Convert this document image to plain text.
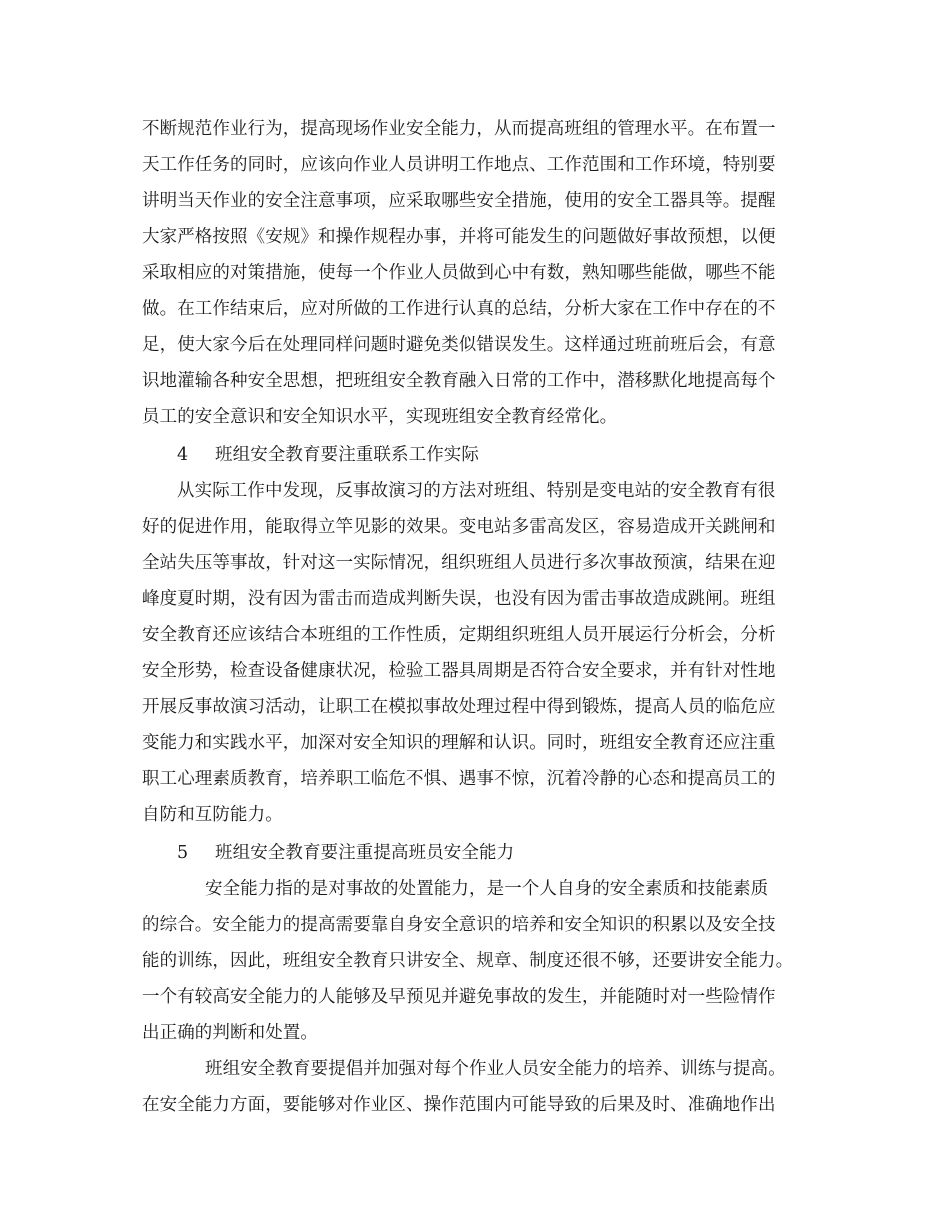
不断规范作业行为，提高现场作业安全能力，从而提高班组的管理水平。在布置一
天工作任务的同时，应该向作业人员讲明工作地点、工作范围和工作环境，特别要
讲明当天作业的安全注意事项，应采取哪些安全措施，使用的安全工器具等。提醒
大家严格按照《安规》和操作规程办事，并将可能发生的问题做好事故预想，以便
采取相应的对策措施，使每一个作业人员做到心中有数，熟知哪些能做，哪些不能
做。在工作结束后，应对所做的工作进行认真的总结，分析大家在工作中存在的不
足，使大家今后在处理同样问题时避免类似错误发生。这样通过班前班后会，有意
识地灌输各种安全思想，把班组安全教育融入日常的工作中，潜移默化地提高每个
员工的安全意识和安全知识水平，实现班组安全教育经常化。
4 班组安全教育要注重联系工作实际
从实际工作中发现，反事故演习的方法对班组、特别是变电站的安全教育有很
好的促进作用，能取得立竿见影的效果。变电站多雷高发区，容易造成开关跳闸和
全站失压等事故，针对这一实际情况，组织班组人员进行多次事故预演，结果在迎
峰度夏时期，没有因为雷击而造成判断失误，也没有因为雷击事故造成跳闸。班组
安全教育还应该结合本班组的工作性质，定期组织班组人员开展运行分析会，分析
安全形势，检查设备健康状况，检验工器具周期是否符合安全要求，并有针对性地
开展反事故演习活动，让职工在模拟事故处理过程中得到锻炼，提高人员的临危应
变能力和实践水平，加深对安全知识的理解和认识。同时，班组安全教育还应注重
职工心理素质教育，培养职工临危不惧、遇事不惊，沉着冷静的心态和提高员工的
自防和互防能力。
5 班组安全教育要注重提高班员安全能力
安全能力指的是对事故的处置能力，是一个人自身的安全素质和技能素质
的综合。安全能力的提高需要靠自身安全意识的培养和安全知识的积累以及安全技
能的训练，因此，班组安全教育只讲安全、规章、制度还很不够，还要讲安全能力。
一个有较高安全能力的人能够及早预见并避免事故的发生，并能随时对一些险情作
出正确的判断和处置。
班组安全教育要提倡并加强对每个作业人员安全能力的培养、训练与提高。
在安全能力方面，要能够对作业区、操作范围内可能导致的后果及时、准确地作出
